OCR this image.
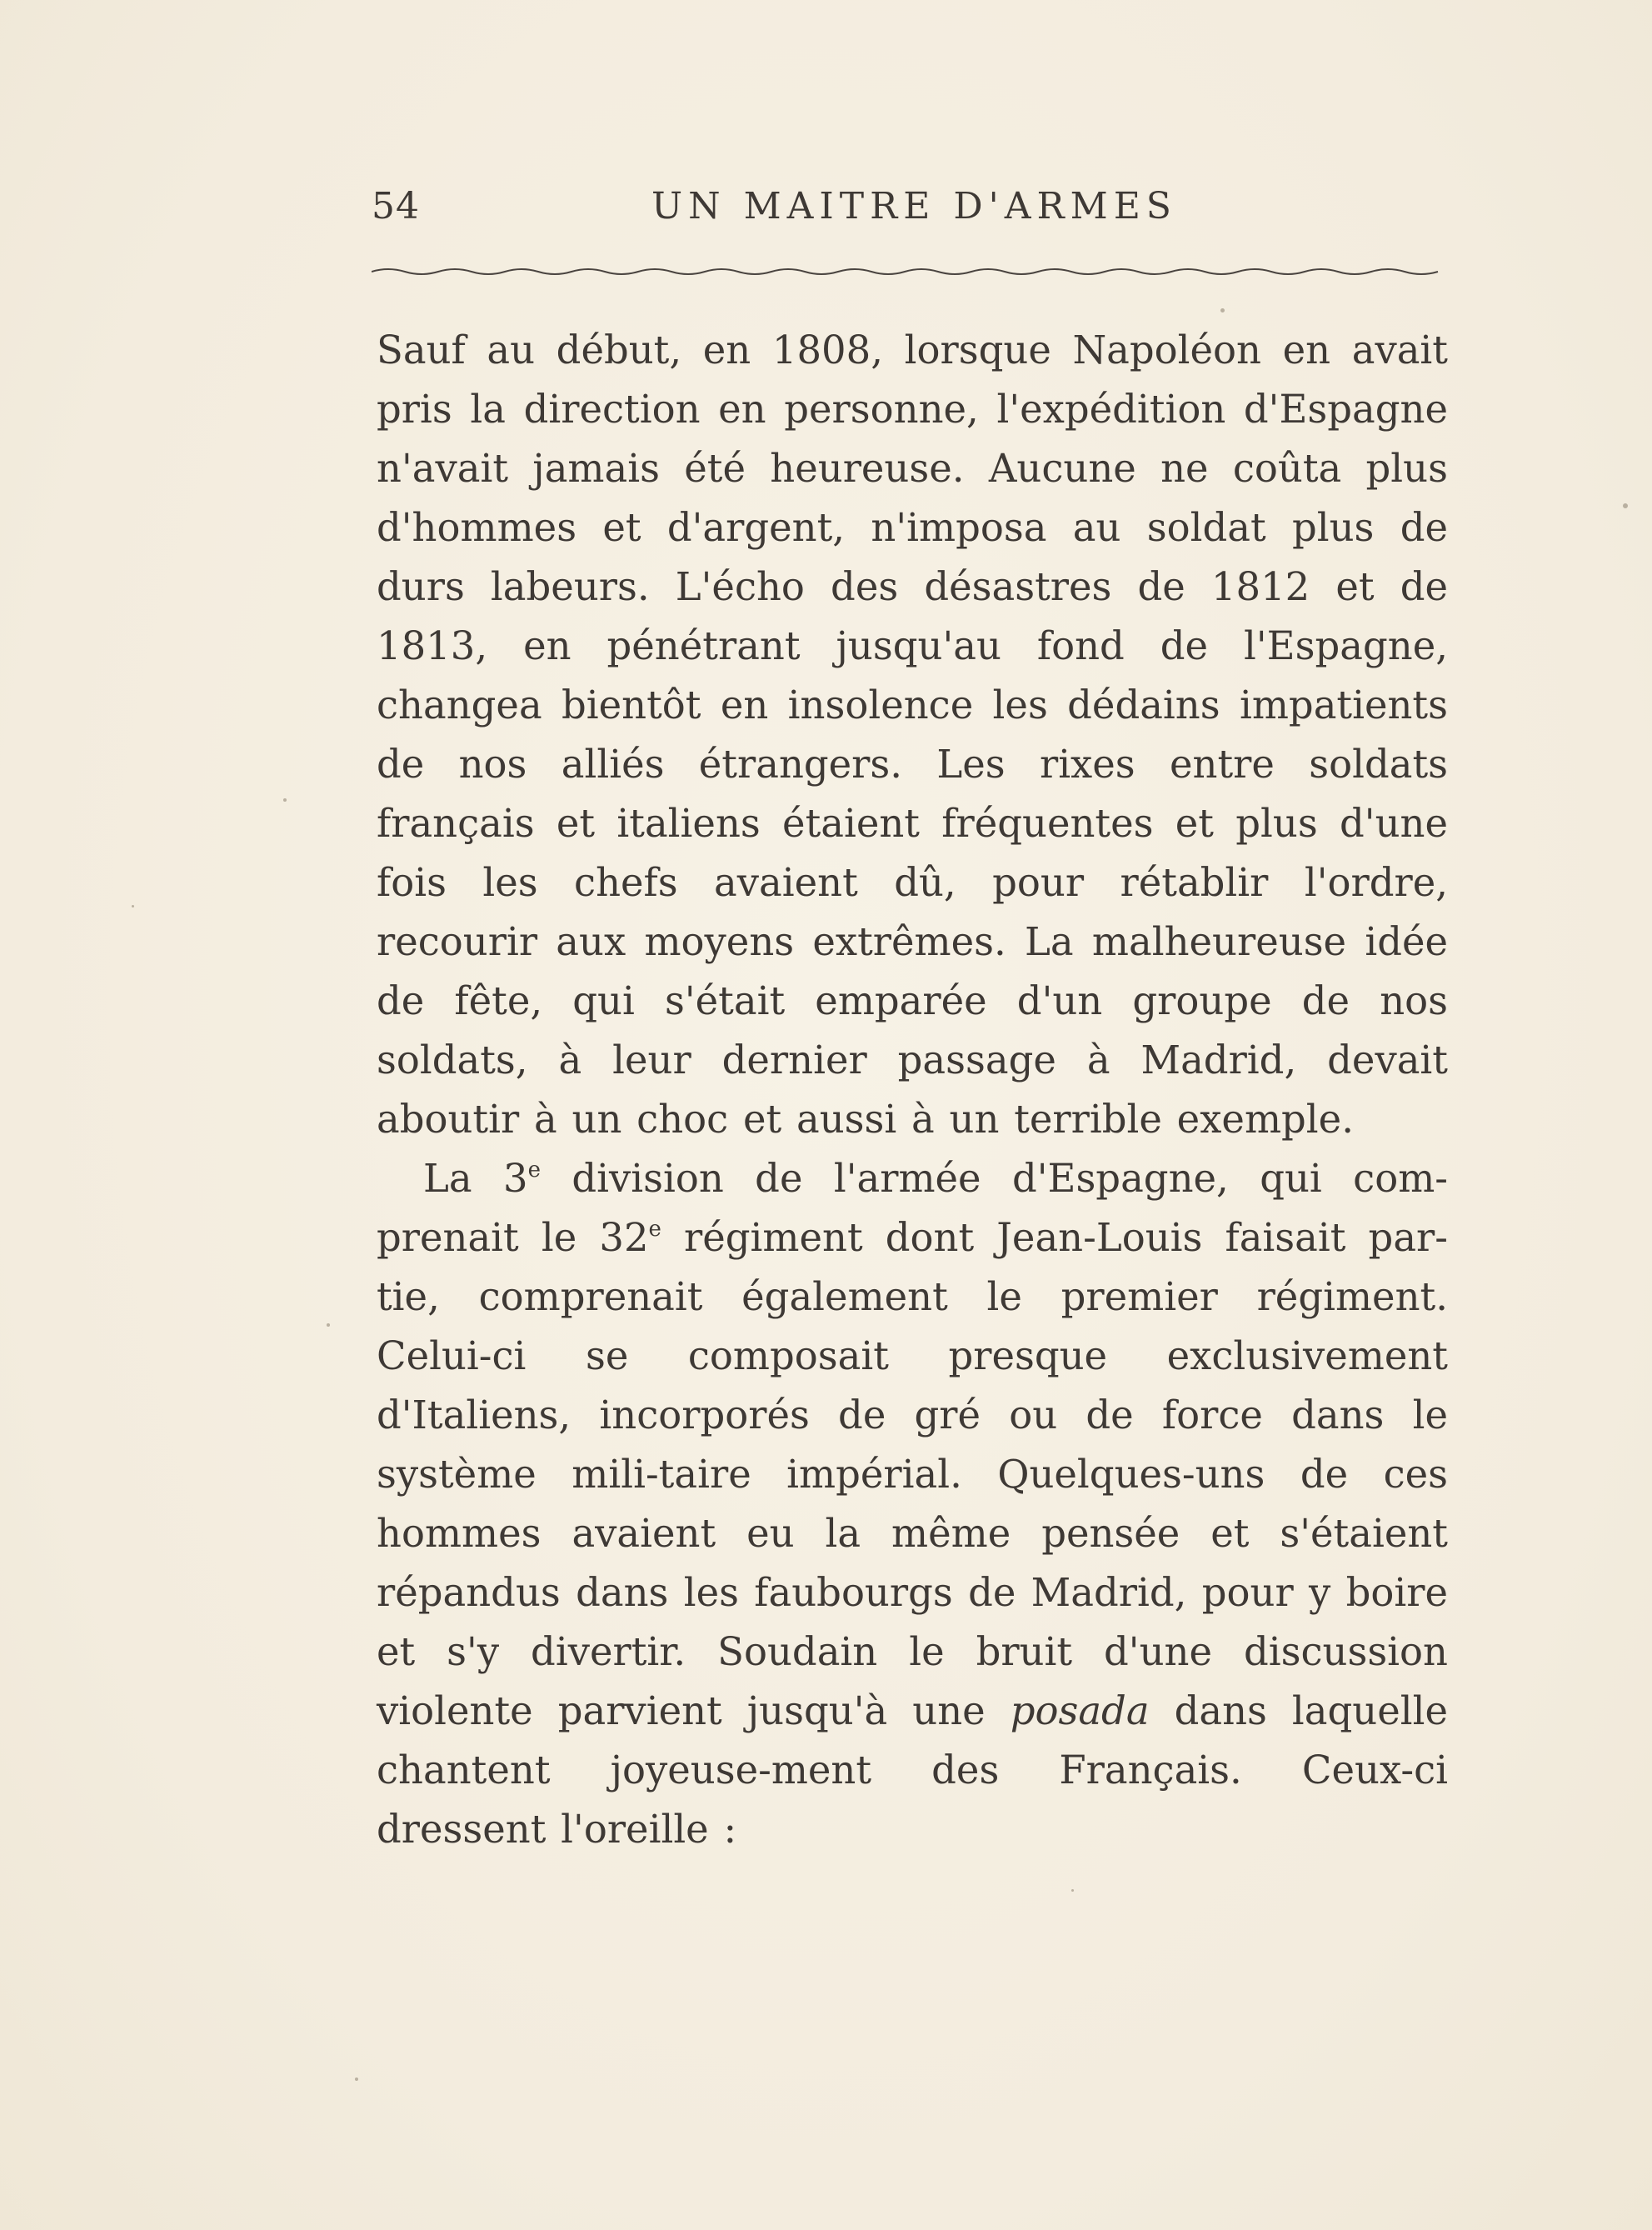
54	UN MAITRE D'ARMES

Sauf au début, en 1808, lorsque Napoléon en avait pris la direction en personne, l'expédition d'Espagne n'avait jamais été heureuse. Aucune ne coûta plus d'hommes et d'argent, n'imposa au soldat plus de durs labeurs. L'écho des désastres de 1812 et de 1813, en pénétrant jusqu'au fond de l'Espagne, changea bientôt en insolence les dédains impatients de nos alliés étrangers. Les rixes entre soldats français et italiens étaient fréquentes et plus d'une fois les chefs avaient dû, pour rétablir l'ordre, recourir aux moyens extrêmes. La malheureuse idée de fête, qui s'était emparée d'un groupe de nos soldats, à leur dernier passage à Madrid, devait aboutir à un choc et aussi à un terrible exemple.

La 3e division de l'armée d'Espagne, qui com-prenait le 32e régiment dont Jean-Louis faisait par-tie, comprenait également le premier régiment. Celui-ci se composait presque exclusivement d'Italiens, incorporés de gré ou de force dans le système mili-taire impérial. Quelques-uns de ces hommes avaient eu la même pensée et s'étaient répandus dans les faubourgs de Madrid, pour y boire et s'y divertir. Soudain le bruit d'une discussion violente parvient jusqu'à une posada dans laquelle chantent joyeuse-ment des Français. Ceux-ci dressent l'oreille :
